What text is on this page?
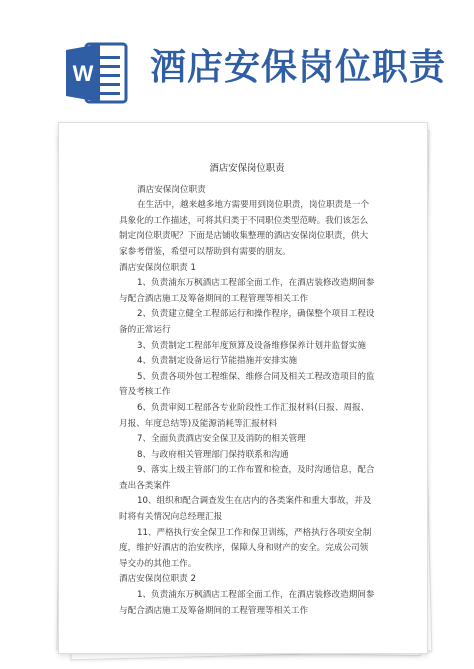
W 酒店安保岗位职责

酒店安保岗位职责

酒店安保岗位职责

在生活中，越来越多地方需要用到岗位职责，岗位职责是一个具象化的工作描述，可将其归类于不同职位类型范畴。我们该怎么制定岗位职责呢？下面是店铺收集整理的酒店安保岗位职责，供大家参考借鉴，希望可以帮助到有需要的朋友。

酒店安保岗位职责 1

1、负责浦东万枫酒店工程部全面工作，在酒店装修改造期间参与配合酒店施工及筹备期间的工程管理等相关工作

2、负责建立健全工程部运行和操作程序，确保整个项目工程设备的正常运行

3、负责制定工程部年度预算及设备维修保养计划并监督实施

4、负责制定设备运行节能措施并安排实施

5、负责各项外包工程维保、维修合同及相关工程改造项目的监管及考核工作

6、负责审阅工程部各专业阶段性工作汇报材料(日报、周报、月报、年度总结等)及能源消耗等汇报材料

7、全面负责酒店安全保卫及消防的相关管理

8、与政府相关管理部门保持联系和沟通

9、落实上级主管部门的工作布置和检查，及时沟通信息，配合查出各类案件

10、组织和配合调查发生在店内的各类案件和重大事故，并及时将有关情况向总经理汇报

11、严格执行安全保卫工作和保卫训练，严格执行各项安全制度，维护好酒店的治安秩序，保障人身和财产的安全。完成公司领导交办的其他工作。

酒店安保岗位职责 2

1、负责浦东万枫酒店工程部全面工作，在酒店装修改造期间参与配合酒店施工及筹备期间的工程管理等相关工作
